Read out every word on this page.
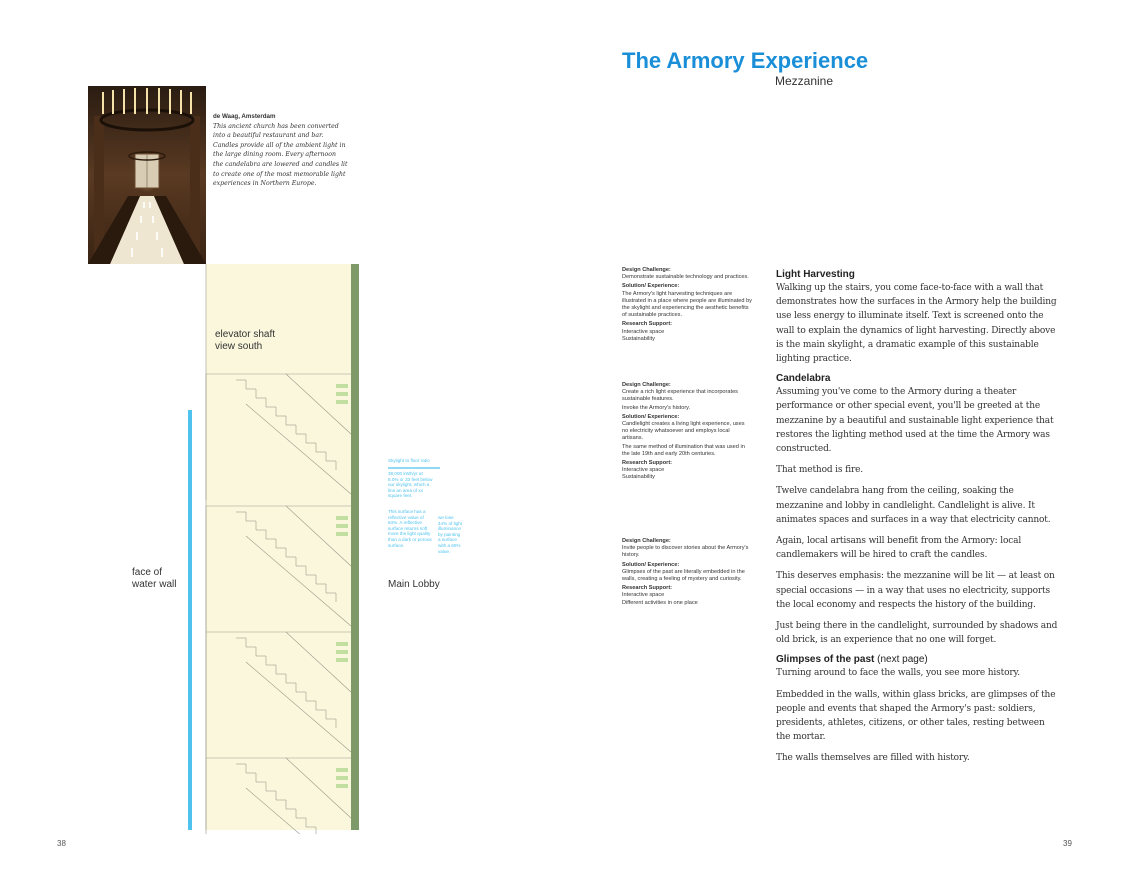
The Armory Experience
Mezzanine
de Waag, Amsterdam
This ancient church has been converted into a beautiful restaurant and bar. Candles provide all of the ambient light in the large dining room. Every afternoon the candelabra are lowered and candles lit to create one of the most memorable light experiences in Northern Europe.
elevator shaft
view south
face of
water wall	Main Lobby
Skylight to floor ratio
38,000 kWh/yr at 8.0% or 33 feet below our skylight, which a line an area of xx square feet.
This surface has a reflective value of 84%. A reflective surface returns soft more the light quality than a dark or porous surface.
we lose 44% of light illuminance by painting a surface with a 65% value.
Design Challenge:

Demonstrate sustainable technology and practices.

Solution/ Experience:

The Armory's light harvesting techniques are illustrated in a place where people are illuminated by the skylight and experiencing the aesthetic benefits of sustainable practices.

Research Support:
Interactive space
Sustainability
Design Challenge:

Create a rich light experience that incorporates sustainable features.

Invoke the Armory's history.

Solution/ Experience:

Candlelight creates a living light experience, uses no electricity whatsoever and employs local artisans.

The same method of illumination that was used in the late 19th and early 20th centuries.

Research Support:
Interactive space
Sustainability
Design Challenge:

Invite people to discover stories about the Armory's history.

Solution/ Experience:

Glimpses of the past are literally embedded in the walls, creating a feeling of mystery and curiosity.

Research Support:
Interactive space
Different activities in one place
Light Harvesting

Walking up the stairs, you come face-to-face with a wall that demonstrates how the surfaces in the Armory help the building use less energy to illuminate itself. Text is screened onto the wall to explain the dynamics of light harvesting. Directly above is the main skylight, a dramatic example of this sustainable lighting practice.

Candelabra

Assuming you've come to the Armory during a theater performance or other special event, you'll be greeted at the mezzanine by a beautiful and sustainable light experience that restores the lighting method used at the time the Armory was constructed.

That method is fire.

Twelve candelabra hang from the ceiling, soaking the mezzanine and lobby in candlelight. Candlelight is alive. It animates spaces and surfaces in a way that electricity cannot.

Again, local artisans will benefit from the Armory: local candlemakers will be hired to craft the candles.

This deserves emphasis: the mezzanine will be lit — at least on special occasions — in a way that uses no electricity, supports the local economy and respects the history of the building.

Just being there in the candlelight, surrounded by shadows and old brick, is an experience that no one will forget.

Glimpses of the past (next page)

Turning around to face the walls, you see more history.

Embedded in the walls, within glass bricks, are glimpses of the people and events that shaped the Armory's past: soldiers, presidents, athletes, citizens, or other tales, resting between the mortar.

The walls themselves are filled with history.

38	39
